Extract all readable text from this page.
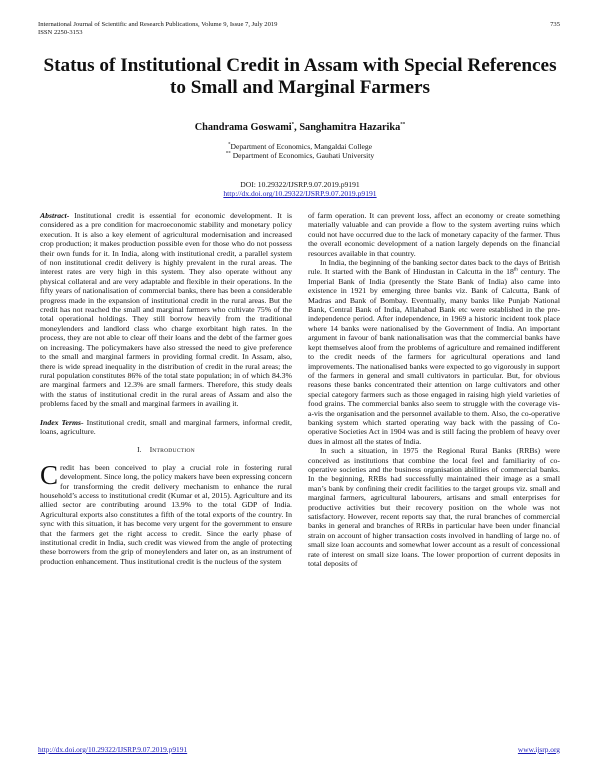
International Journal of Scientific and Research Publications, Volume 9, Issue 7, July 2019
ISSN 2250-3153
735
Status of Institutional Credit in Assam with Special References to Small and Marginal Farmers
Chandrama Goswami*, Sanghamitra Hazarika**
*Department of Economics, Mangaldai College
** Department of Economics, Gauhati University
DOI: 10.29322/IJSRP.9.07.2019.p9191
http://dx.doi.org/10.29322/IJSRP.9.07.2019.p9191

Abstract- Institutional credit is essential for economic development. It is considered as a pre condition for macroeconomic stability and monetary policy execution. It is also a key element of agricultural modernisation and increased crop production; it makes production possible even for those who do not possess their own funds for it. In India, along with institutional credit, a parallel system of non institutional credit delivery is highly prevalent in the rural areas. The interest rates are very high in this system. They also operate without any physical collateral and are very adaptable and flexible in their operations. In the fifty years of nationalisation of commercial banks, there has been a considerable progress made in the expansion of institutional credit in the rural areas. But the credit has not reached the small and marginal farmers who cultivate 75% of the total operational holdings. They still borrow heavily from the traditional moneylenders and landlord class who charge exorbitant high rates. In the process, they are not able to clear off their loans and the debt of the farmer goes on increasing. The policymakers have also stressed the need to give preference to the small and marginal farmers in providing formal credit. In Assam, also, there is wide spread inequality in the distribution of credit in the rural areas; the rural population constitutes 86% of the total state population; in of which 84.3% are marginal farmers and 12.3% are small farmers. Therefore, this study deals with the status of institutional credit in the rural areas of Assam and also the problems faced by the small and marginal farmers in availing it.

Index Terms- Institutional credit, small and marginal farmers, informal credit, loans, agriculture.

I. INTRODUCTION

Credit has been conceived to play a crucial role in fostering rural development. Since long, the policy makers have been expressing concern for transforming the credit delivery mechanism to enhance the rural household’s access to institutional credit (Kumar et al, 2015). Agriculture and its allied sector are contributing around 13.9% to the total GDP of India. Agricultural exports also constitutes a fifth of the total exports of the country. In sync with this situation, it has become very urgent for the government to ensure that the farmers get the right access to credit. Since the early phase of institutional credit in India, such credit was viewed from the angle of protecting these borrowers from the grip of moneylenders and later on, as an instrument of production enhancement. Thus institutional credit is the nucleus of the system

of farm operation. It can prevent loss, affect an economy or create something materially valuable and can provide a flow to the system averting ruins which could not have occurred due to the lack of monetary capacity of the farmer. Thus the overall economic development of a nation largely depends on the financial resources available in that country.

In India, the beginning of the banking sector dates back to the days of British rule. It started with the Bank of Hindustan in Calcutta in the 18th century. The Imperial Bank of India (presently the State Bank of India) also came into existence in 1921 by emerging three banks viz. Bank of Calcutta, Bank of Madras and Bank of Bombay. Eventually, many banks like Punjab National Bank, Central Bank of India, Allahabad Bank etc were established in the pre-independence period. After independence, in 1969 a historic incident took place where 14 banks were nationalised by the Government of India. An important argument in favour of bank nationalisation was that the commercial banks have kept themselves aloof from the problems of agriculture and remained indifferent to the credit needs of the farmers for agricultural operations and land improvements. The nationalised banks were expected to go vigorously in support of the farmers in general and small cultivators in particular. But, for obvious reasons these banks concentrated their attention on large cultivators and other special category farmers such as those engaged in raising high yield varieties of food grains. The commercial banks also seem to struggle with the coverage vis-a-vis the organisation and the personnel available to them. Also, the co-operative banking system which started operating way back with the passing of Co-operative Societies Act in 1904 was and is still facing the problem of heavy over dues in almost all the states of India.

In such a situation, in 1975 the Regional Rural Banks (RRBs) were conceived as institutions that combine the local feel and familiarity of co-operative societies and the business organisation abilities of commercial banks. In the beginning, RRBs had successfully maintained their image as a small man’s bank by confining their credit facilities to the target groups viz. small and marginal farmers, agricultural labourers, artisans and small enterprises for productive activities but their recovery position on the whole was not satisfactory. However, recent reports say that, the rural branches of commercial banks in general and branches of RRBs in particular have been under financial strain on account of higher transaction costs involved in handling of large no. of small size loan accounts and somewhat lower account as a result of concessional rate of interest on small size loans. The lower proportion of current deposits in total deposits of

http://dx.doi.org/10.29322/IJSRP.9.07.2019.p9191	www.ijsrp.org
